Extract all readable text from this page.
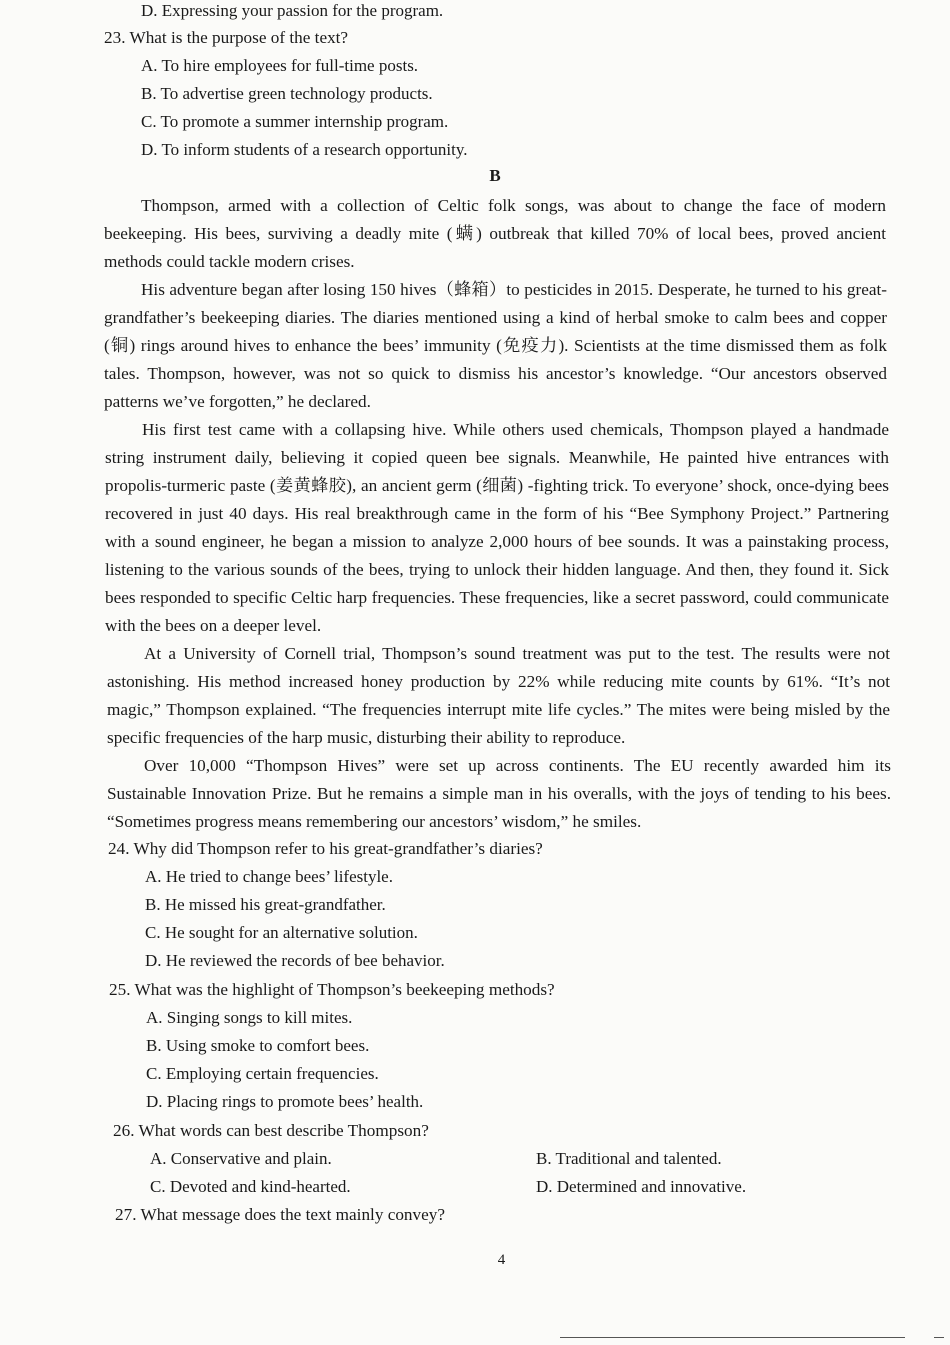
D. Expressing your passion for the program.
23. What is the purpose of the text?
A. To hire employees for full-time posts.
B. To advertise green technology products.
C. To promote a summer internship program.
D. To inform students of a research opportunity.
B

Thompson, armed with a collection of Celtic folk songs, was about to change the face of modern beekeeping. His bees, surviving a deadly mite (螨) outbreak that killed 70% of local bees, proved ancient methods could tackle modern crises.

His adventure began after losing 150 hives（蜂箱）to pesticides in 2015. Desperate, he turned to his great-grandfather’s beekeeping diaries. The diaries mentioned using a kind of herbal smoke to calm bees and copper (铜) rings around hives to enhance the bees’ immunity (免疫力). Scientists at the time dismissed them as folk tales. Thompson, however, was not so quick to dismiss his ancestor’s knowledge. “Our ancestors observed patterns we’ve forgotten,” he declared.

His first test came with a collapsing hive. While others used chemicals, Thompson played a handmade string instrument daily, believing it copied queen bee signals. Meanwhile, He painted hive entrances with propolis-turmeric paste (姜黄蜂胶), an ancient germ (细菌) -fighting trick. To everyone’ shock, once-dying bees recovered in just 40 days. His real breakthrough came in the form of his “Bee Symphony Project.” Partnering with a sound engineer, he began a mission to analyze 2,000 hours of bee sounds. It was a painstaking process, listening to the various sounds of the bees, trying to unlock their hidden language. And then, they found it. Sick bees responded to specific Celtic harp frequencies. These frequencies, like a secret password, could communicate with the bees on a deeper level.

At a University of Cornell trial, Thompson’s sound treatment was put to the test. The results were not astonishing. His method increased honey production by 22% while reducing mite counts by 61%. “It’s not magic,” Thompson explained. “The frequencies interrupt mite life cycles.” The mites were being misled by the specific frequencies of the harp music, disturbing their ability to reproduce.

Over 10,000 “Thompson Hives” were set up across continents. The EU recently awarded him its Sustainable Innovation Prize. But he remains a simple man in his overalls, with the joys of tending to his bees. “Sometimes progress means remembering our ancestors’ wisdom,” he smiles.

24. Why did Thompson refer to his great-grandfather’s diaries?
A. He tried to change bees’ lifestyle.
B. He missed his great-grandfather.
C. He sought for an alternative solution.
D. He reviewed the records of bee behavior.
25. What was the highlight of Thompson’s beekeeping methods?
A. Singing songs to kill mites.
B. Using smoke to comfort bees.
C. Employing certain frequencies.
D. Placing rings to promote bees’ health.
26. What words can best describe Thompson?
A. Conservative and plain.	B. Traditional and talented.
C. Devoted and kind-hearted.	D. Determined and innovative.
27. What message does the text mainly convey?
4
